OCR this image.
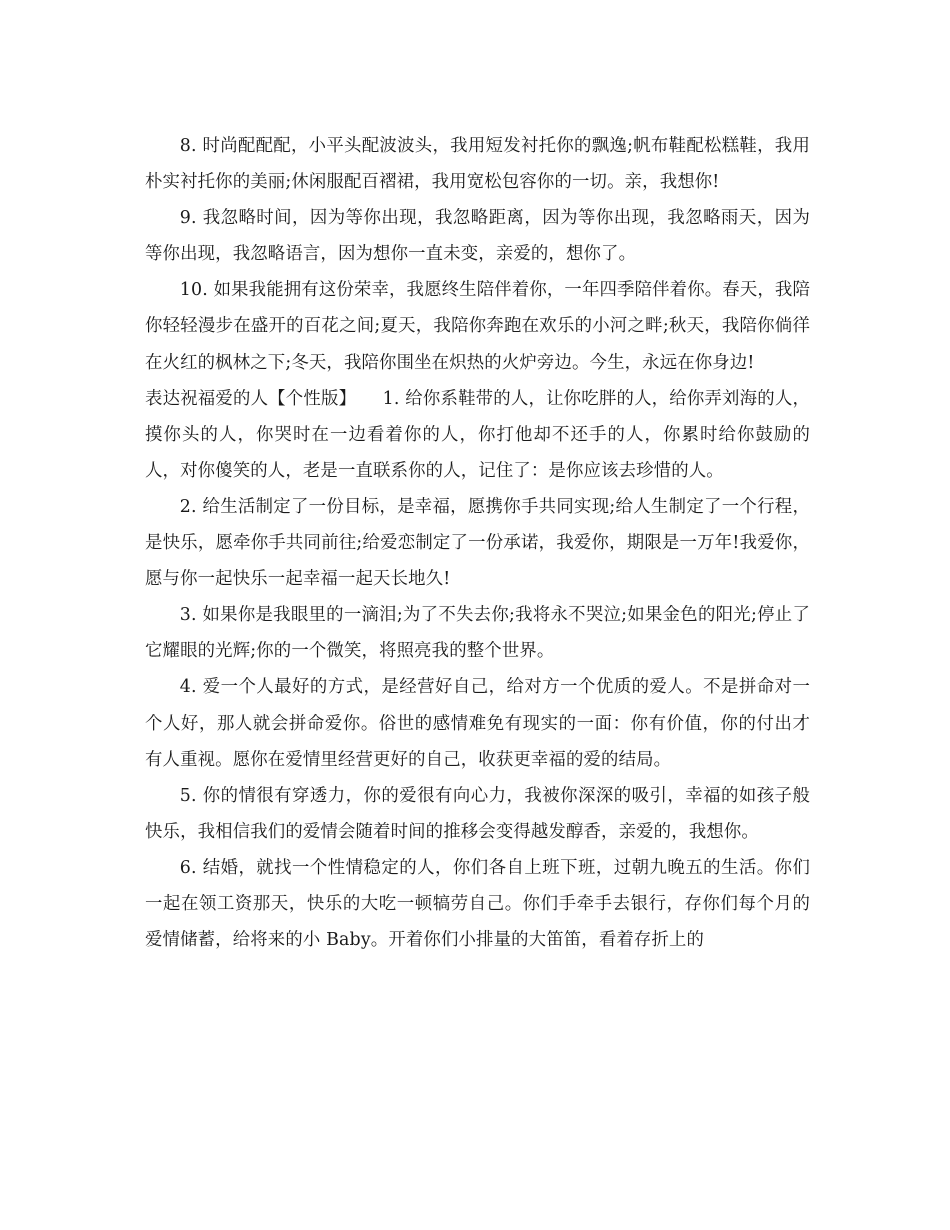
8. 时尚配配配，小平头配波波头，我用短发衬托你的飘逸;帆布鞋配松糕鞋，我用朴实衬托你的美丽;休闲服配百褶裙，我用宽松包容你的一切。亲，我想你!

9. 我忽略时间，因为等你出现，我忽略距离，因为等你出现，我忽略雨天，因为等你出现，我忽略语言，因为想你一直未变，亲爱的，想你了。

10. 如果我能拥有这份荣幸，我愿终生陪伴着你，一年四季陪伴着你。春天，我陪你轻轻漫步在盛开的百花之间;夏天，我陪你奔跑在欢乐的小河之畔;秋天，我陪你倘徉在火红的枫林之下;冬天，我陪你围坐在炽热的火炉旁边。今生，永远在你身边!

表达祝福爱的人【个性版】　　1. 给你系鞋带的人，让你吃胖的人，给你弄刘海的人，摸你头的人，你哭时在一边看着你的人，你打他却不还手的人，你累时给你鼓励的人，对你傻笑的人，老是一直联系你的人，记住了：是你应该去珍惜的人。

2. 给生活制定了一份目标，是幸福，愿携你手共同实现;给人生制定了一个行程，是快乐，愿牵你手共同前往;给爱恋制定了一份承诺，我爱你，期限是一万年!我爱你，愿与你一起快乐一起幸福一起天长地久!

3. 如果你是我眼里的一滴泪;为了不失去你;我将永不哭泣;如果金色的阳光;停止了它耀眼的光辉;你的一个微笑，将照亮我的整个世界。

4. 爱一个人最好的方式，是经营好自己，给对方一个优质的爱人。不是拼命对一个人好，那人就会拼命爱你。俗世的感情难免有现实的一面：你有价值，你的付出才有人重视。愿你在爱情里经营更好的自己，收获更幸福的爱的结局。

5. 你的情很有穿透力，你的爱很有向心力，我被你深深的吸引，幸福的如孩子般快乐，我相信我们的爱情会随着时间的推移会变得越发醇香，亲爱的，我想你。

6. 结婚，就找一个性情稳定的人，你们各自上班下班，过朝九晚五的生活。你们一起在领工资那天，快乐的大吃一顿犒劳自己。你们手牵手去银行，存你们每个月的爱情储蓄，给将来的小 Baby。开着你们小排量的大笛笛，看着存折上的
